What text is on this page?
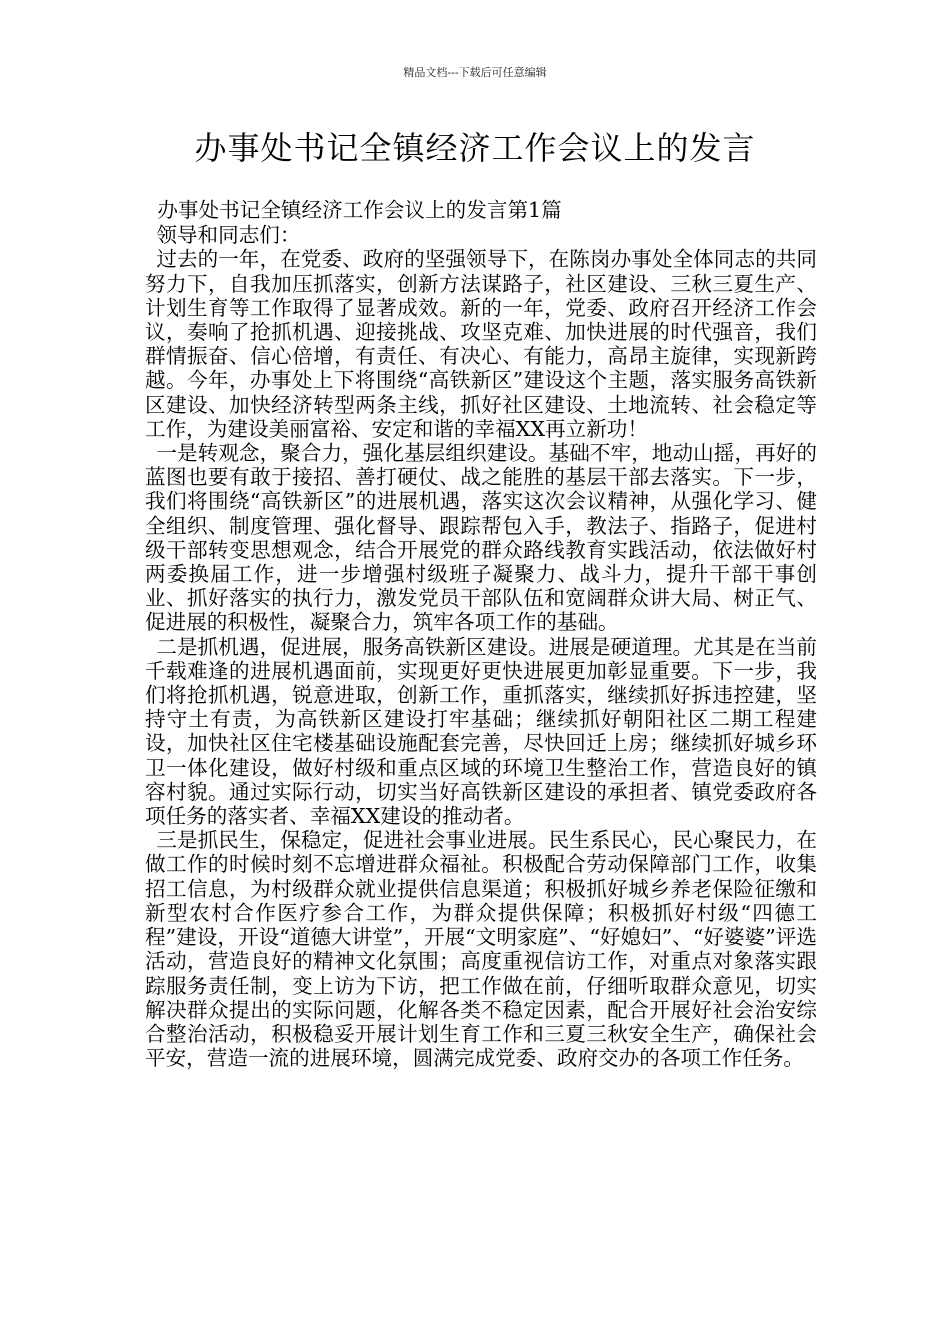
精品文档---下载后可任意编辑
办事处书记全镇经济工作会议上的发言

办事处书记全镇经济工作会议上的发言第1篇

领导和同志们：

过去的一年，在党委、政府的坚强领导下，在陈岗办事处全体同志的共同努力下，自我加压抓落实，创新方法谋路子，社区建设、三秋三夏生产、计划生育等工作取得了显著成效。新的一年，党委、政府召开经济工作会议，奏响了抢抓机遇、迎接挑战、攻坚克难、加快进展的时代强音，我们群情振奋、信心倍增，有责任、有决心、有能力，高昂主旋律，实现新跨越。今年，办事处上下将围绕“高铁新区”建设这个主题，落实服务高铁新区建设、加快经济转型两条主线，抓好社区建设、土地流转、社会稳定等工作，为建设美丽富裕、安定和谐的幸福XX再立新功！

一是转观念，聚合力，强化基层组织建设。基础不牢，地动山摇，再好的蓝图也要有敢于接招、善打硬仗、战之能胜的基层干部去落实。下一步，我们将围绕“高铁新区”的进展机遇，落实这次会议精神，从强化学习、健全组织、制度管理、强化督导、跟踪帮包入手，教法子、指路子，促进村级干部转变思想观念，结合开展党的群众路线教育实践活动，依法做好村两委换届工作，进一步增强村级班子凝聚力、战斗力，提升干部干事创业、抓好落实的执行力，激发党员干部队伍和宽阔群众讲大局、树正气、促进展的积极性，凝聚合力，筑牢各项工作的基础。

二是抓机遇，促进展，服务高铁新区建设。进展是硬道理。尤其是在当前千载难逢的进展机遇面前，实现更好更快进展更加彰显重要。下一步，我们将抢抓机遇，锐意进取，创新工作，重抓落实，继续抓好拆违控建，坚持守土有责，为高铁新区建设打牢基础；继续抓好朝阳社区二期工程建设，加快社区住宅楼基础设施配套完善，尽快回迁上房；继续抓好城乡环卫一体化建设，做好村级和重点区域的环境卫生整治工作，营造良好的镇容村貌。通过实际行动，切实当好高铁新区建设的承担者、镇党委政府各项任务的落实者、幸福XX建设的推动者。

三是抓民生，保稳定，促进社会事业进展。民生系民心，民心聚民力，在做工作的时候时刻不忘增进群众福祉。积极配合劳动保障部门工作，收集招工信息，为村级群众就业提供信息渠道；积极抓好城乡养老保险征缴和新型农村合作医疗参合工作，为群众提供保障；积极抓好村级“四德工程”建设，开设“道德大讲堂”，开展“文明家庭”、“好媳妇”、“好婆婆”评选活动，营造良好的精神文化氛围；高度重视信访工作，对重点对象落实跟踪服务责任制，变上访为下访，把工作做在前，仔细听取群众意见，切实解决群众提出的实际问题，化解各类不稳定因素，配合开展好社会治安综合整治活动，积极稳妥开展计划生育工作和三夏三秋安全生产，确保社会平安，营造一流的进展环境，圆满完成党委、政府交办的各项工作任务。
